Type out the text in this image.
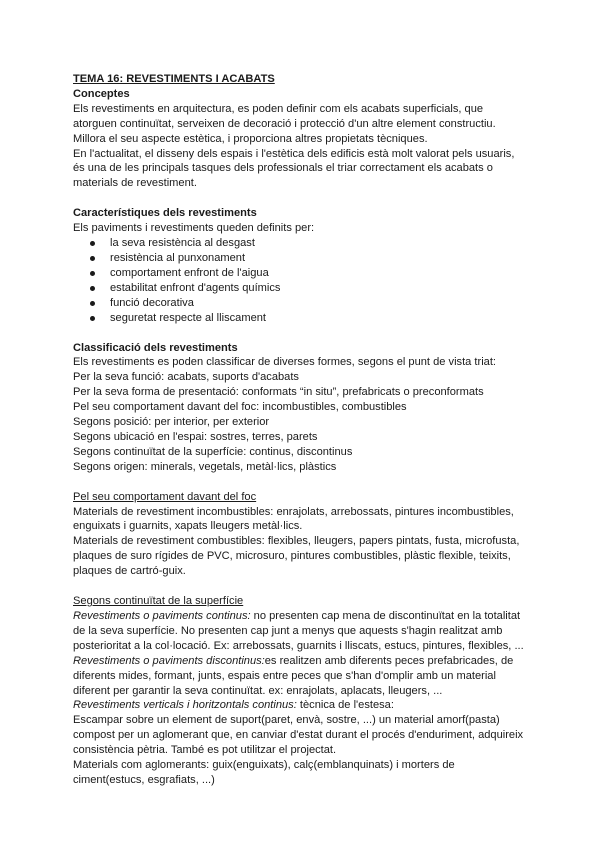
TEMA 16: REVESTIMENTS I ACABATS
Conceptes
Els revestiments en arquitectura, es poden definir com els acabats superficials, que
atorguen continuïtat, serveixen de decoració i protecció d'un altre element constructiu.
Millora el seu aspecte estètica, i proporciona altres propietats tècniques.
En l'actualitat, el disseny dels espais i l'estètica dels edificis està molt valorat pels usuaris,
és una de les principals tasques dels professionals el triar correctament els acabats o
materials de revestiment.
Característiques dels revestiments
Els paviments i revestiments queden definits per:
la seva resistència al desgast
resistència al punxonament
comportament enfront de l'aigua
estabilitat enfront d'agents químics
funció decorativa
seguretat respecte al lliscament
Classificació dels revestiments
Els revestiments es poden classificar de diverses formes, segons el punt de vista triat:
Per la seva funció: acabats, suports d'acabats
Per la seva forma de presentació: conformats “in situ”, prefabricats o preconformats
Pel seu comportament davant del foc: incombustibles, combustibles
Segons posició: per interior, per exterior
Segons ubicació en l'espai: sostres, terres, parets
Segons continuïtat de la superfície: continus, discontinus
Segons origen: minerals, vegetals, metàl·lics, plàstics
Pel seu comportament davant del foc
Materials de revestiment incombustibles: enrajolats, arrebossats, pintures incombustibles,
enguixats i guarnits, xapats lleugers metàl·lics.
Materials de revestiment combustibles: flexibles, lleugers, papers pintats, fusta, microfusta,
plaques de suro rígides de PVC, microsuro, pintures combustibles, plàstic flexible, teixits,
plaques de cartró-guix.
Segons continuïtat de la superfície
Revestiments o paviments continus: no presenten cap mena de discontinuïtat en la totalitat
de la seva superfície. No presenten cap junt a menys que aquests s'hagin realitzat amb
posterioritat a la col·locació. Ex: arrebossats, guarnits i lliscats, estucs, pintures, flexibles, ...
Revestiments o paviments discontinus:es realitzen amb diferents peces prefabricades, de
diferents mides, formant, junts, espais entre peces que s'han d'omplir amb un material
diferent per garantir la seva continuïtat. ex: enrajolats, aplacats, lleugers, ...
Revestiments verticals i horitzontals continus: tècnica de l'estesa:
Escampar sobre un element de suport(paret, envà, sostre, ...) un material amorf(pasta)
compost per un aglomerant que, en canviar d'estat durant el procés d'enduriment, adquireix
consistència pètria. També es pot utilitzar el projectat.
Materials com aglomerants: guix(enguixats), calç(emblanquinats) i morters de
ciment(estucs, esgrafiats, ...)
